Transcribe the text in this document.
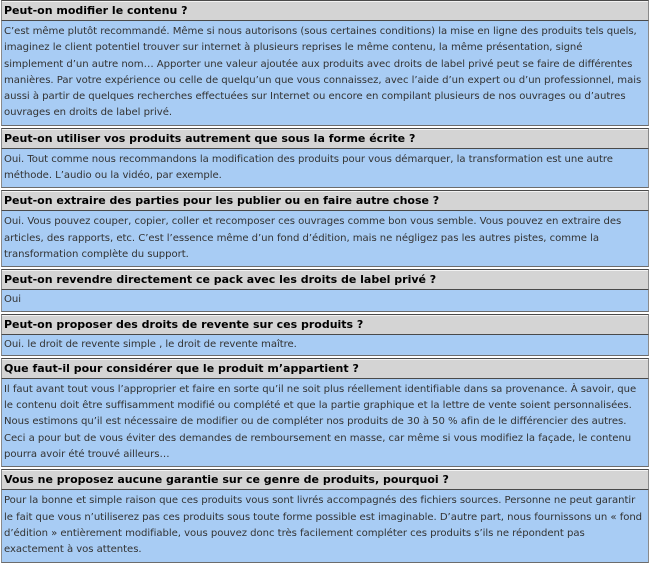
Peut-on modifier le contenu ?
C’est même plutôt recommandé. Même si nous autorisons (sous certaines conditions) la mise en ligne des produits tels quels, imaginez le client potentiel trouver sur internet à plusieurs reprises le même contenu, la même présentation, signé simplement d’un autre nom… Apporter une valeur ajoutée aux produits avec droits de label privé peut se faire de différentes manières. Par votre expérience ou celle de quelqu’un que vous connaissez, avec l’aide d’un expert ou d’un professionnel, mais aussi à partir de quelques recherches effectuées sur Internet ou encore en compilant plusieurs de nos ouvrages ou d’autres ouvrages en droits de label privé.
Peut-on utiliser vos produits autrement que sous la forme écrite ?
Oui. Tout comme nous recommandons la modification des produits pour vous démarquer, la transformation est une autre méthode. L’audio ou la vidéo, par exemple.
Peut-on extraire des parties pour les publier ou en faire autre chose ?
Oui. Vous pouvez couper, copier, coller et recomposer ces ouvrages comme bon vous semble. Vous pouvez en extraire des articles, des rapports, etc. C’est l’essence même d’un fond d’édition, mais ne négligez pas les autres pistes, comme la transformation complète du support.
Peut-on revendre directement ce pack avec les droits de label privé ?
Oui
Peut-on proposer des droits de revente sur ces produits ?
Oui. le droit de revente simple , le droit de revente maître.
Que faut-il pour considérer que le produit m’appartient ?
Il faut avant tout vous l’approprier et faire en sorte qu’il ne soit plus réellement identifiable dans sa provenance. À savoir, que le contenu doit être suffisamment modifié ou complété et que la partie graphique et la lettre de vente soient personnalisées. Nous estimons qu’il est nécessaire de modifier ou de compléter nos produits de 30 à 50 % afin de le différencier des autres. Ceci a pour but de vous éviter des demandes de remboursement en masse, car même si vous modifiez la façade, le contenu pourra avoir été trouvé ailleurs…
Vous ne proposez aucune garantie sur ce genre de produits, pourquoi ?
Pour la bonne et simple raison que ces produits vous sont livrés accompagnés des fichiers sources. Personne ne peut garantir le fait que vous n’utiliserez pas ces produits sous toute forme possible est imaginable. D’autre part, nous fournissons un « fond d’édition » entièrement modifiable, vous pouvez donc très facilement compléter ces produits s’ils ne répondent pas exactement à vos attentes.
